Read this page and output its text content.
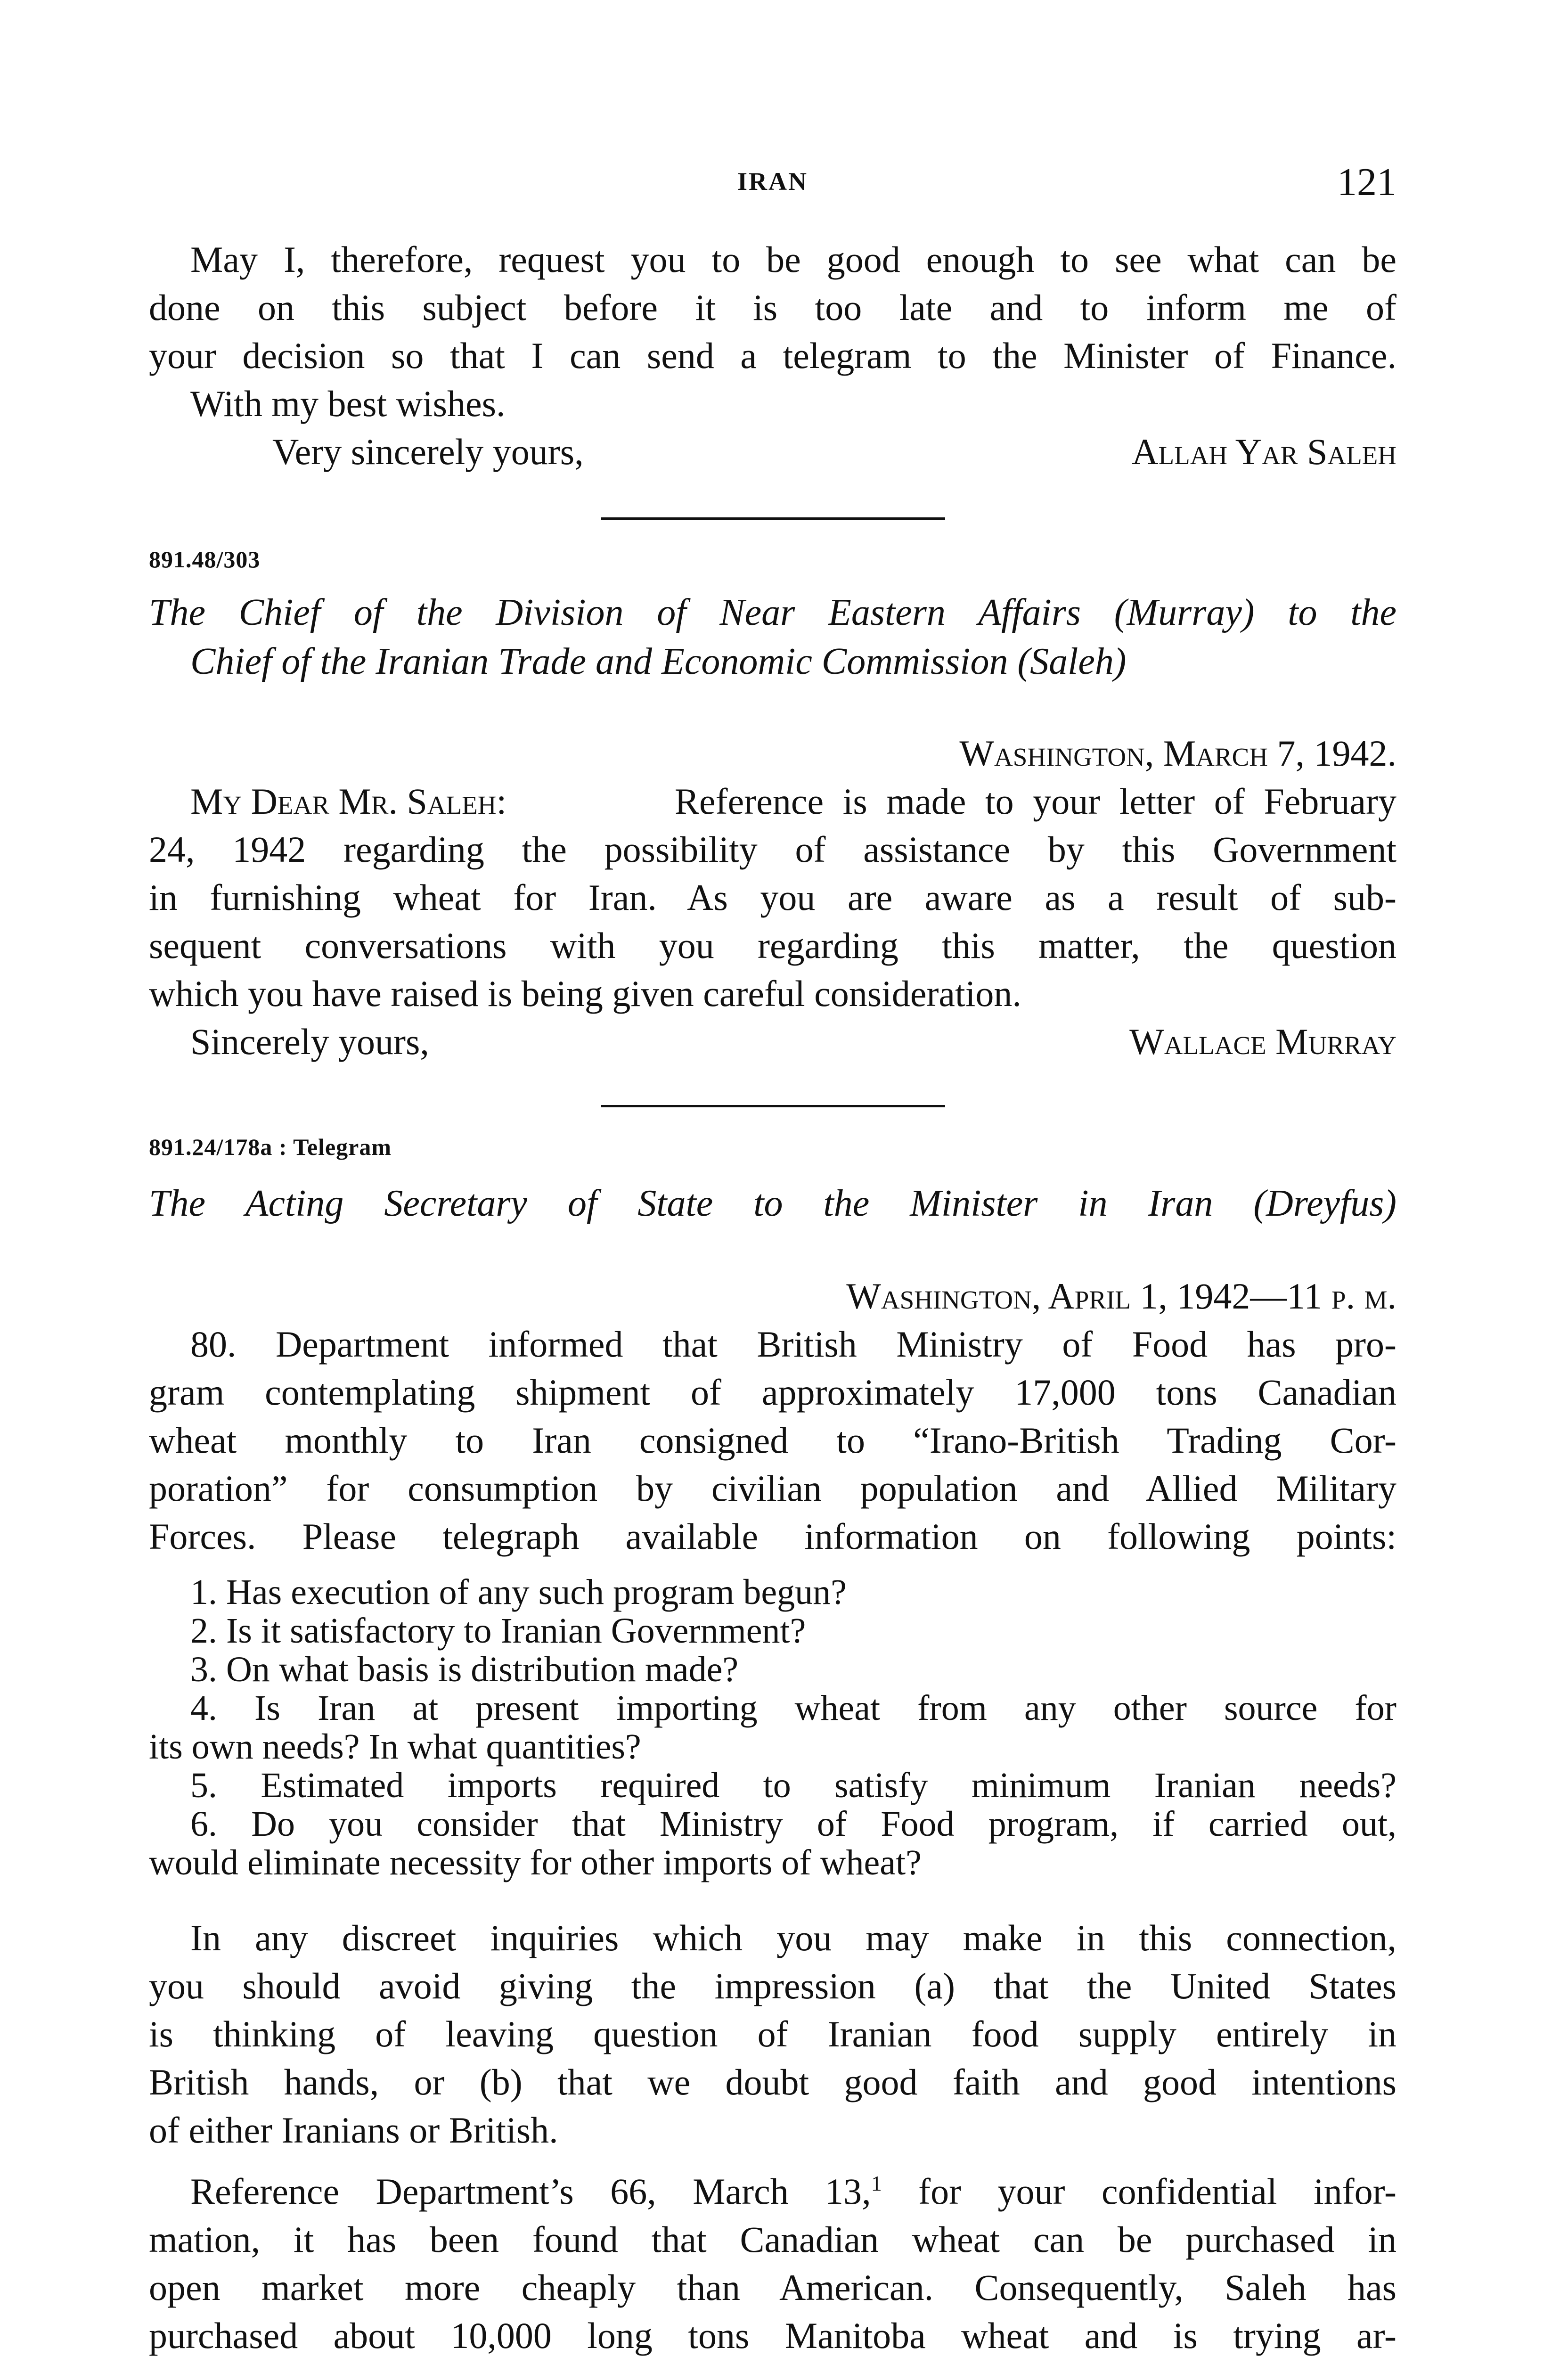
IRAN	121
May I, therefore, request you to be good enough to see what can be
done on this subject before it is too late and to inform me of
your decision so that I can send a telegram to the Minister of Finance.
With my best wishes.
Very sincerely yours,	Allah Yar Saleh
891.48/303
The Chief of the Division of Near Eastern Affairs (Murray) to the
Chief of the Iranian Trade and Economic Commission (Saleh)
Washington, March 7, 1942.
My Dear Mr. Saleh:	Reference is made to your letter of February
24, 1942 regarding the possibility of assistance by this Government
in furnishing wheat for Iran. As you are aware as a result of sub-
sequent conversations with you regarding this matter, the question
which you have raised is being given careful consideration.
Sincerely yours,	Wallace Murray
891.24/178a : Telegram
The Acting Secretary of State to the Minister in Iran (Dreyfus)
Washington, April 1, 1942—11 p. m.
80. Department informed that British Ministry of Food has pro-
gram contemplating shipment of approximately 17,000 tons Canadian
wheat monthly to Iran consigned to “Irano-British Trading Cor-
poration” for consumption by civilian population and Allied Military
Forces. Please telegraph available information on following points:
1. Has execution of any such program begun?
2. Is it satisfactory to Iranian Government?
3. On what basis is distribution made?
4. Is Iran at present importing wheat from any other source for
its own needs? In what quantities?
5. Estimated imports required to satisfy minimum Iranian needs?
6. Do you consider that Ministry of Food program, if carried out,
would eliminate necessity for other imports of wheat?
In any discreet inquiries which you may make in this connection,
you should avoid giving the impression (a) that the United States
is thinking of leaving question of Iranian food supply entirely in
British hands, or (b) that we doubt good faith and good intentions
of either Iranians or British.
Reference Department’s 66, March 13,$^1$ for your confidential infor-
mation, it has been found that Canadian wheat can be purchased in
open market more cheaply than American. Consequently, Saleh has
purchased about 10,000 long tons Manitoba wheat and is trying ar-
